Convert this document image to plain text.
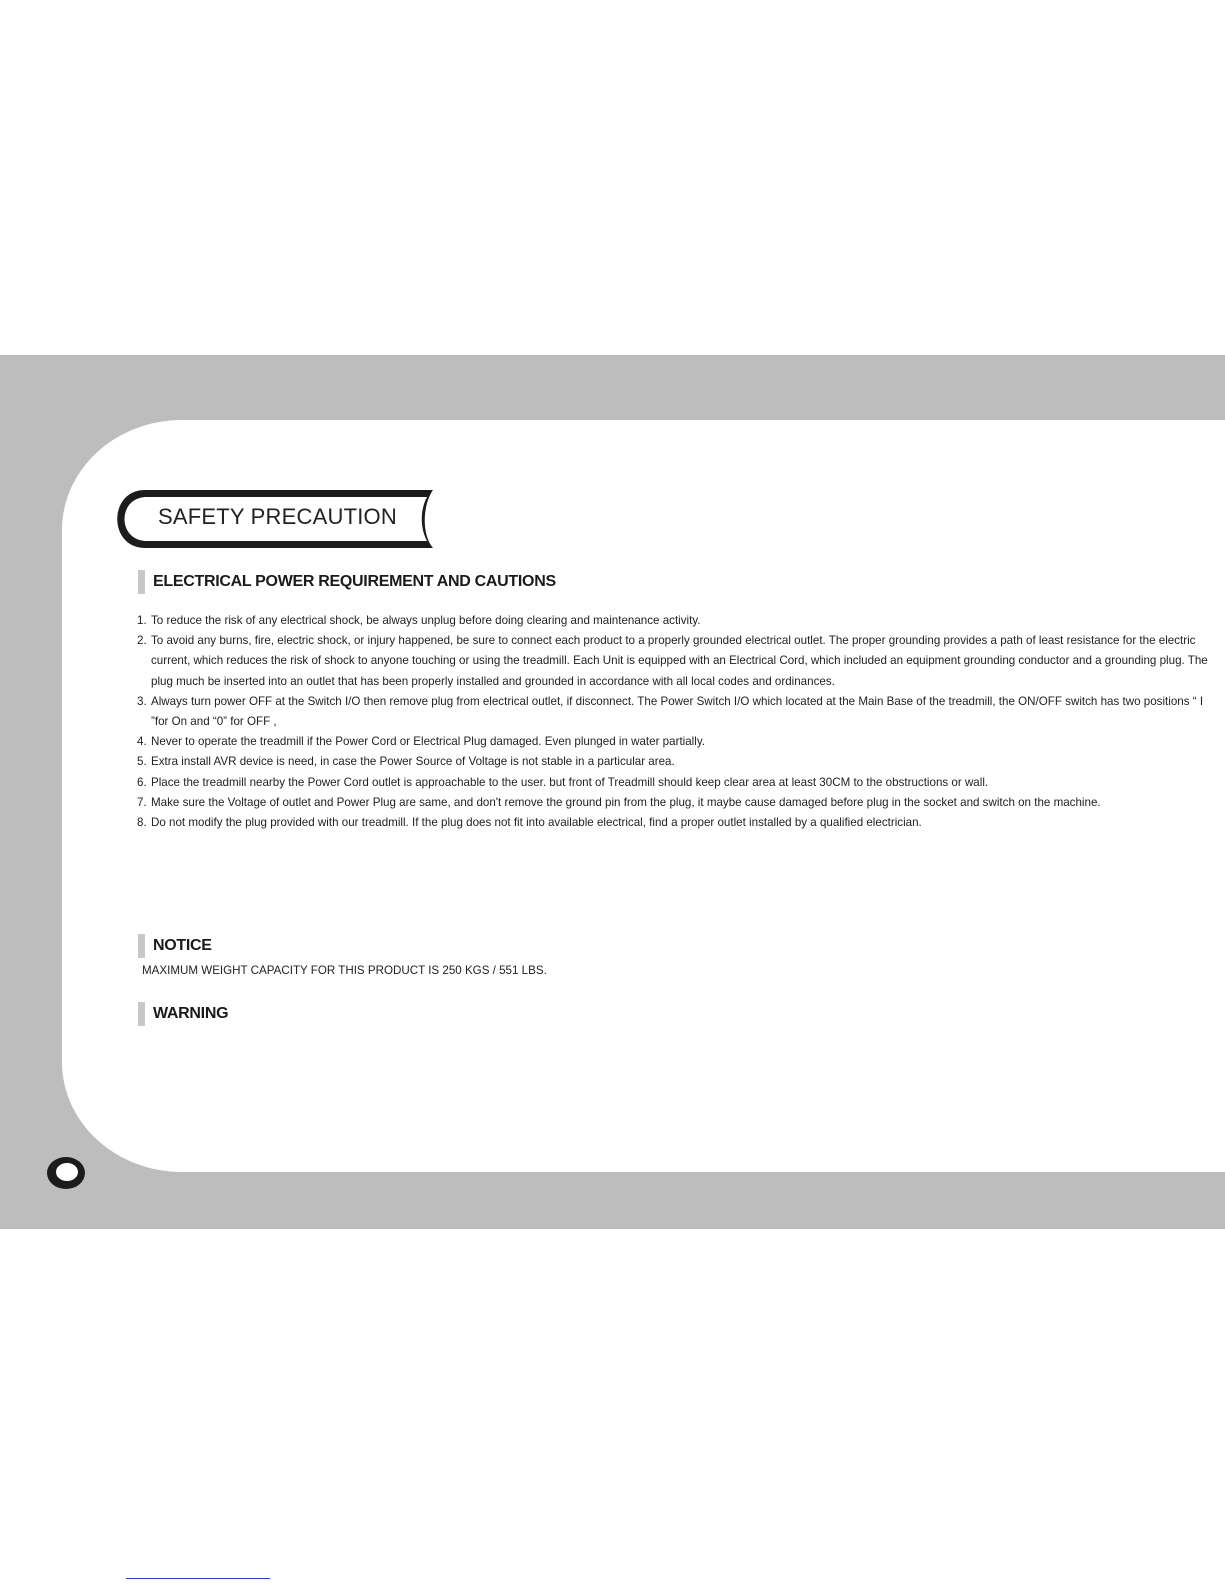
SAFETY PRECAUTION
ELECTRICAL POWER REQUIREMENT AND CAUTIONS
1. To reduce the risk of any electrical shock, be always unplug before doing clearing and maintenance activity.
2. To avoid any burns, fire, electric shock, or injury happened, be sure to connect each product to a properly grounded electrical outlet. The proper grounding provides a path of least resistance for the electric current, which reduces the risk of shock to anyone touching or using the treadmill. Each Unit is equipped with an Electrical Cord, which included an equipment grounding conductor and a grounding plug. The plug much be inserted into an outlet that has been properly installed and grounded in accordance with all local codes and ordinances.
3. Always turn power OFF at the Switch I/O then remove plug from electrical outlet, if disconnect. The Power Switch I/O which located at the Main Base of the treadmill, the ON/OFF switch has two positions “ I ”for On and “0” for OFF ,
4. Never to operate the treadmill if the Power Cord or Electrical Plug damaged. Even plunged in water partially.
5. Extra install AVR device is need, in case the Power Source of Voltage is not stable in a particular area.
6. Place the treadmill nearby the Power Cord outlet is approachable to the user. but front of Treadmill should keep clear area at least 30CM to the obstructions or wall.
7. Make sure the Voltage of outlet and Power Plug are same, and don't remove the ground pin from the plug, it maybe cause damaged before plug in the socket and switch on the machine.
8. Do not modify the plug provided with our treadmill. If the plug does not fit into available electrical, find a proper outlet installed by a qualified electrician.
NOTICE
MAXIMUM WEIGHT CAPACITY FOR THIS PRODUCT IS 250 KGS / 551 LBS.
WARNING
